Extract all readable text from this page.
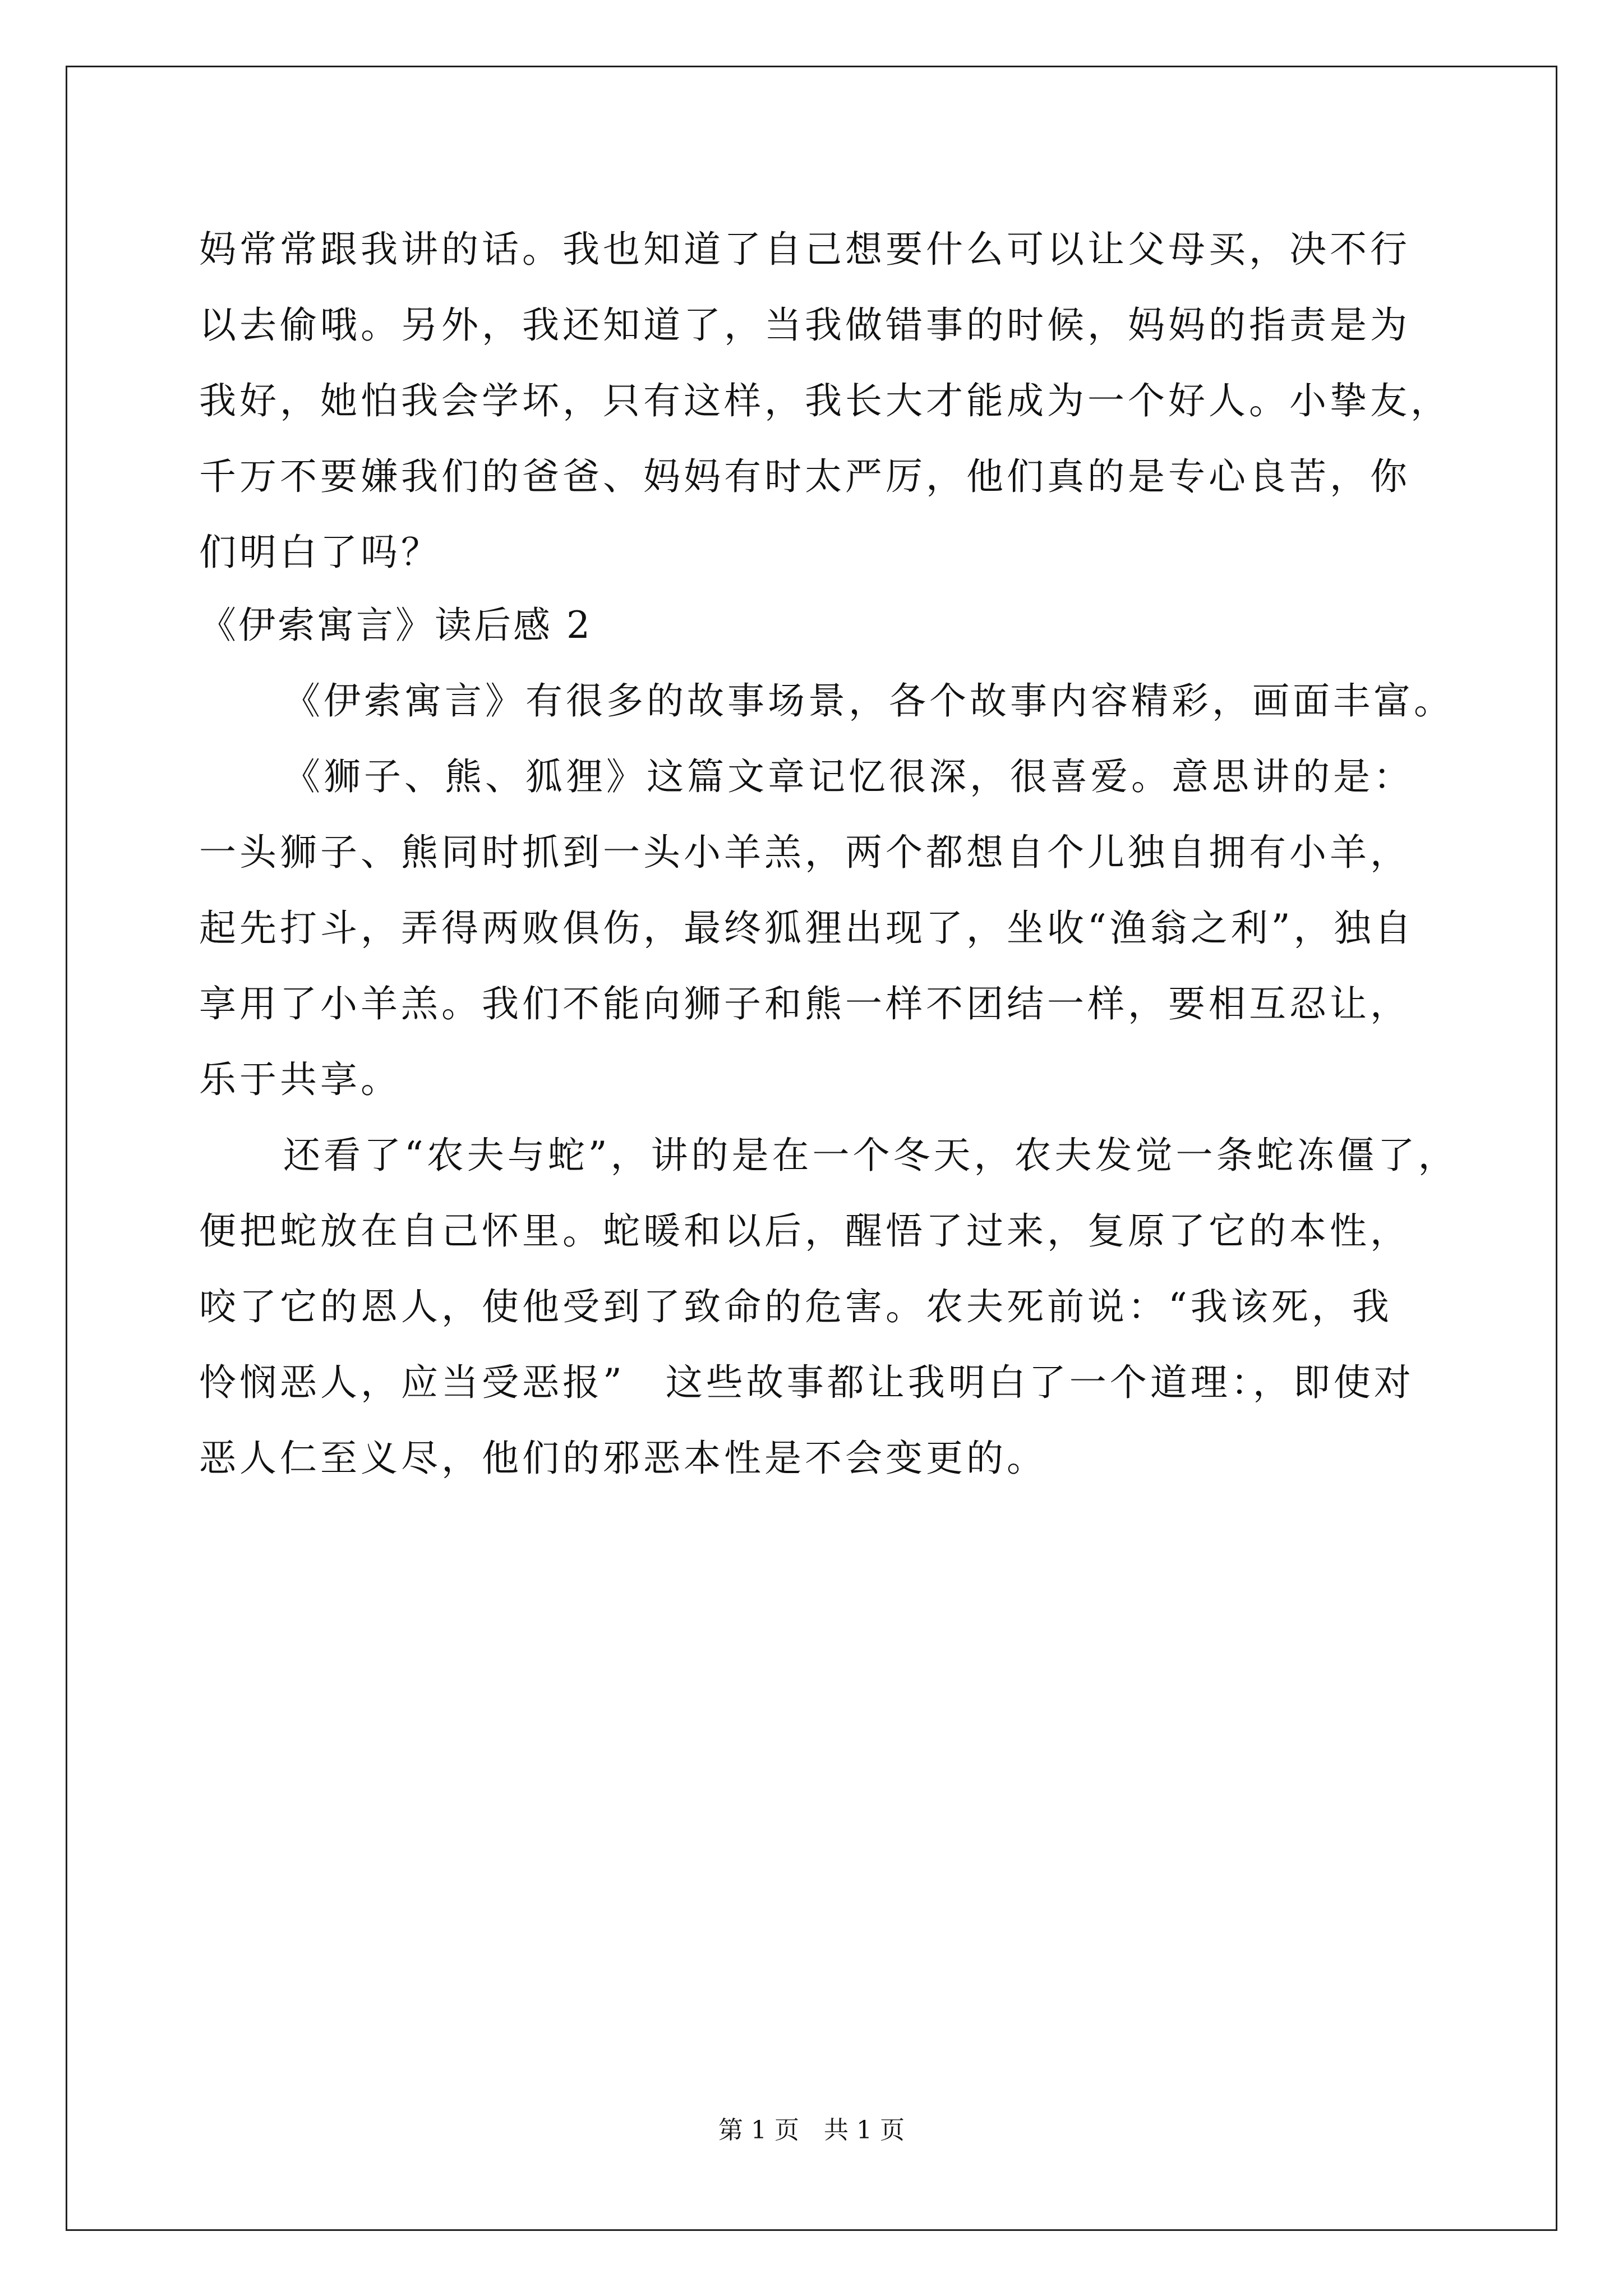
妈常常跟我讲的话。我也知道了自己想要什么可以让父母买，决不行
以去偷哦。另外，我还知道了，当我做错事的时候，妈妈的指责是为
我好，她怕我会学坏，只有这样，我长大才能成为一个好人。小挚友，
千万不要嫌我们的爸爸、妈妈有时太严厉，他们真的是专心良苦，你
们明白了吗？
《伊索寓言》读后感 2
《伊索寓言》有很多的故事场景，各个故事内容精彩，画面丰富。
《狮子、熊、狐狸》这篇文章记忆很深，很喜爱。意思讲的是：
一头狮子、熊同时抓到一头小羊羔，两个都想自个儿独自拥有小羊，
起先打斗，弄得两败俱伤，最终狐狸出现了，坐收“渔翁之利”，独自
享用了小羊羔。我们不能向狮子和熊一样不团结一样，要相互忍让，
乐于共享。
还看了“农夫与蛇”，讲的是在一个冬天，农夫发觉一条蛇冻僵了，
便把蛇放在自己怀里。蛇暖和以后，醒悟了过来，复原了它的本性，
咬了它的恩人，使他受到了致命的危害。农夫死前说：“我该死，我
怜悯恶人，应当受恶报”　这些故事都让我明白了一个道理：，即使对
恶人仁至义尽，他们的邪恶本性是不会变更的。
第 1 页　共 1 页
